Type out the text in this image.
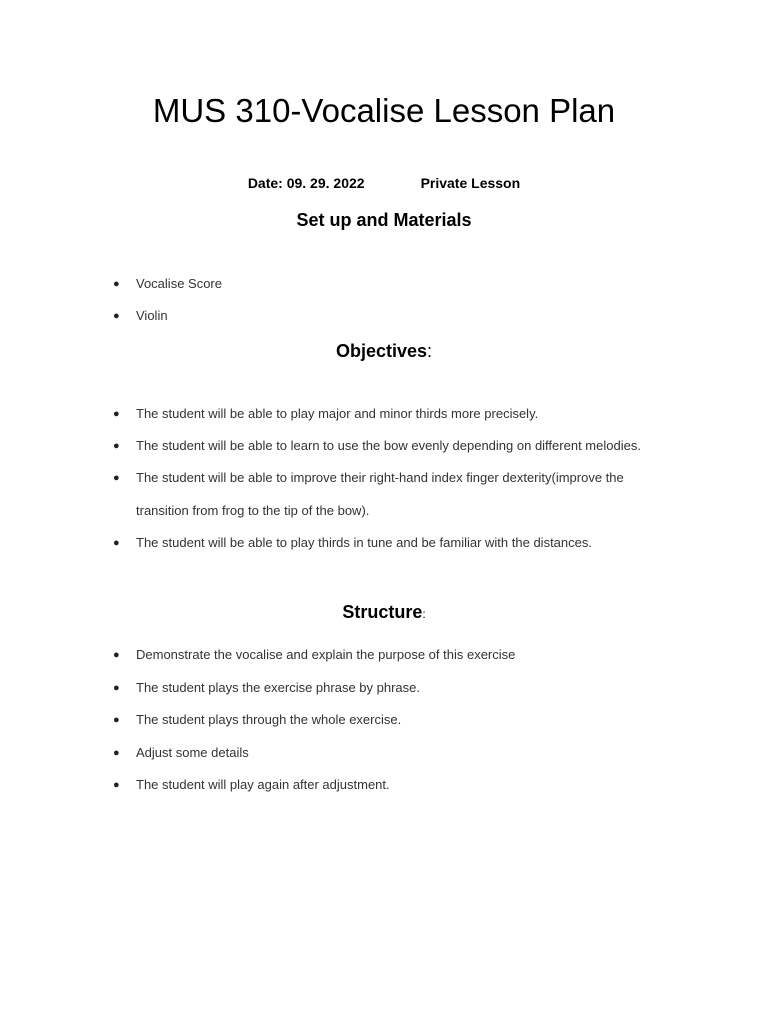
MUS 310-Vocalise Lesson Plan
Date: 09. 29. 2022	Private Lesson
Set up and Materials
● Vocalise Score
● Violin
Objectives:
● The student will be able to play major and minor thirds more precisely.
● The student will be able to learn to use the bow evenly depending on different melodies.
● The student will be able to improve their right-hand index finger dexterity(improve the
transition from frog to the tip of the bow).
● The student will be able to play thirds in tune and be familiar with the distances.
Structure:
● Demonstrate the vocalise and explain the purpose of this exercise
● The student plays the exercise phrase by phrase.
● The student plays through the whole exercise.
● Adjust some details
● The student will play again after adjustment.
